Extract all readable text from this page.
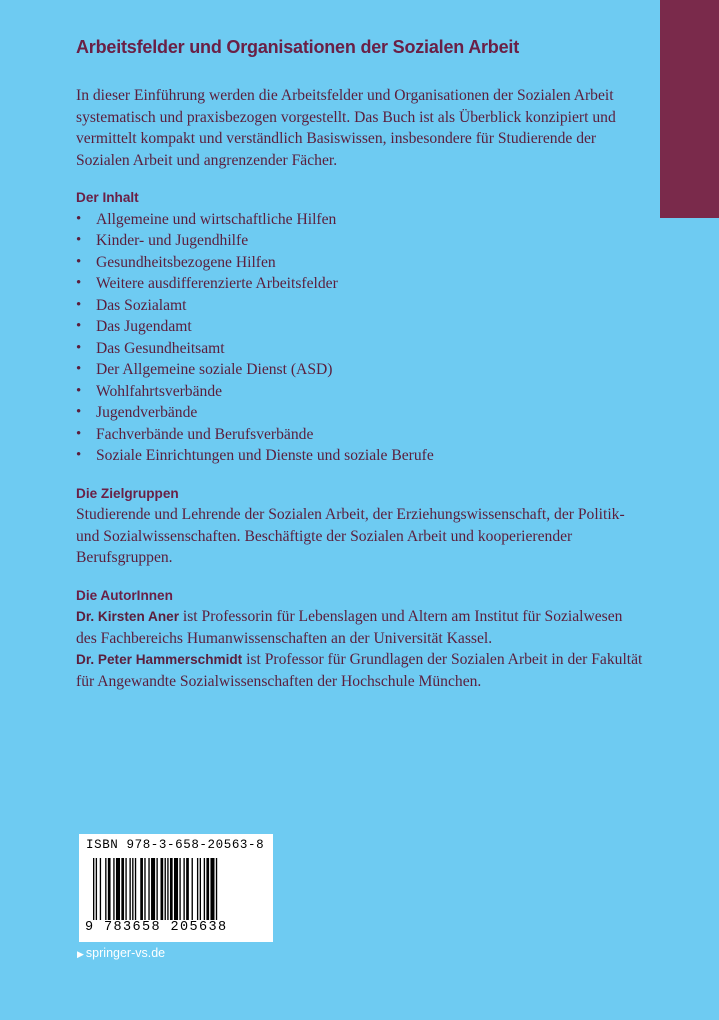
Arbeitsfelder und Organisationen der Sozialen Arbeit

In dieser Einführung werden die Arbeitsfelder und Organisationen der Sozialen Arbeit systematisch und praxisbezogen vorgestellt. Das Buch ist als Überblick konzipiert und vermittelt kompakt und verständlich Basiswissen, insbesondere für Studierende der Sozialen Arbeit und angrenzender Fächer.

Der Inhalt
• Allgemeine und wirtschaftliche Hilfen
• Kinder- und Jugendhilfe
• Gesundheitsbezogene Hilfen
• Weitere ausdifferenzierte Arbeitsfelder
• Das Sozialamt
• Das Jugendamt
• Das Gesundheitsamt
• Der Allgemeine soziale Dienst (ASD)
• Wohlfahrtsverbände
• Jugendverbände
• Fachverbände und Berufsverbände
• Soziale Einrichtungen und Dienste und soziale Berufe
Die Zielgruppen

Studierende und Lehrende der Sozialen Arbeit, der Erziehungswissenschaft, der Politik- und Sozialwissenschaften. Beschäftigte der Sozialen Arbeit und kooperierender Berufsgruppen.

Die AutorInnen

Dr. Kirsten Aner ist Professorin für Lebenslagen und Altern am Institut für Sozialwesen des Fachbereichs Humanwissenschaften an der Universität Kassel.

Dr. Peter Hammerschmidt ist Professor für Grundlagen der Sozialen Arbeit in der Fakultät für Angewandte Sozialwissenschaften der Hochschule München.

ISBN 978-3-658-20563-8
9 783658 205638
▶ springer-vs.de
